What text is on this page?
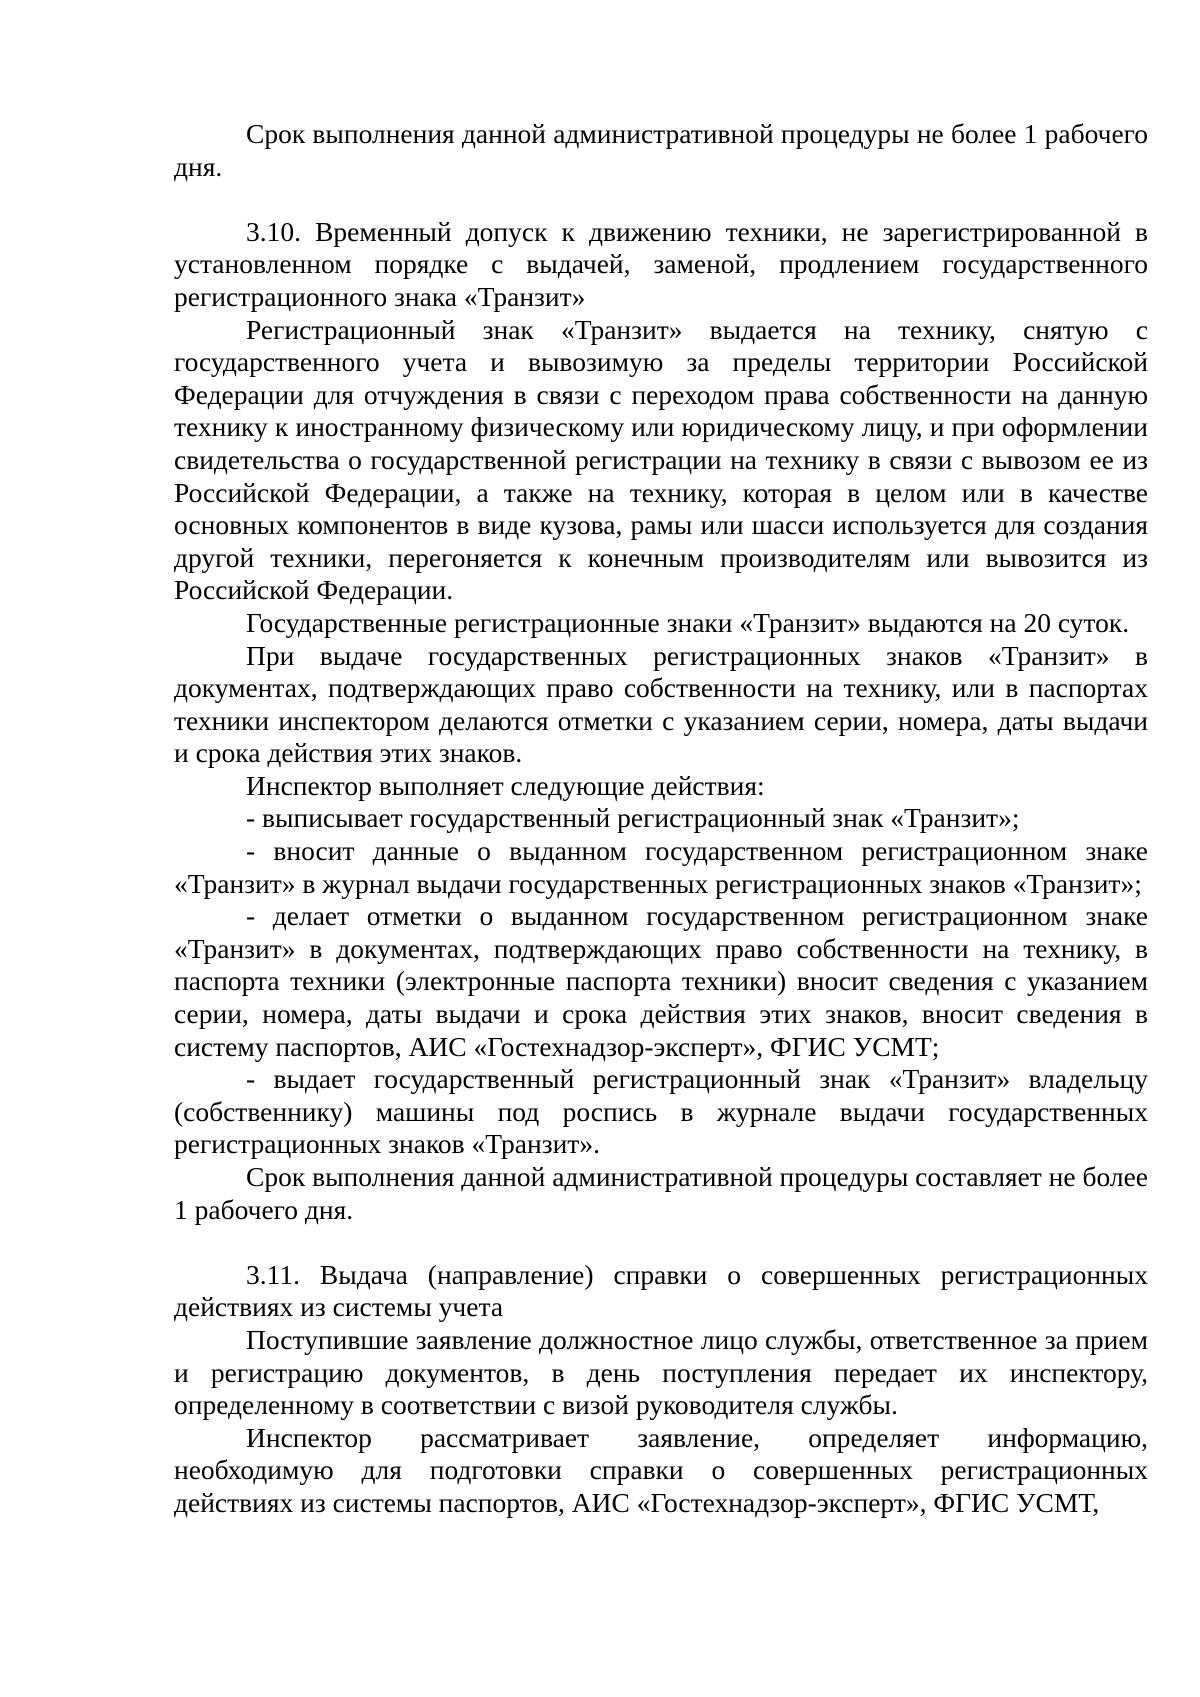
Срок выполнения данной административной процедуры не более 1 рабочего дня.

3.10. Временный допуск к движению техники, не зарегистрированной в установленном порядке с выдачей, заменой, продлением государственного регистрационного знака «Транзит»

Регистрационный знак «Транзит» выдается на технику, снятую с государственного учета и вывозимую за пределы территории Российской Федерации для отчуждения в связи с переходом права собственности на данную технику к иностранному физическому или юридическому лицу, и при оформлении свидетельства о государственной регистрации на технику в связи с вывозом ее из Российской Федерации, а также на технику, которая в целом или в качестве основных компонентов в виде кузова, рамы или шасси используется для создания другой техники, перегоняется к конечным производителям или вывозится из Российской Федерации.

Государственные регистрационные знаки «Транзит» выдаются на 20 суток.

При выдаче государственных регистрационных знаков «Транзит» в документах, подтверждающих право собственности на технику, или в паспортах техники инспектором делаются отметки с указанием серии, номера, даты выдачи и срока действия этих знаков.

Инспектор выполняет следующие действия:

- выписывает государственный регистрационный знак «Транзит»;

- вносит данные о выданном государственном регистрационном знаке «Транзит» в журнал выдачи государственных регистрационных знаков «Транзит»;

- делает отметки о выданном государственном регистрационном знаке «Транзит» в документах, подтверждающих право собственности на технику, в паспорта техники (электронные паспорта техники) вносит сведения с указанием серии, номера, даты выдачи и срока действия этих знаков, вносит сведения в систему паспортов, АИС «Гостехнадзор-эксперт», ФГИС УСМТ;

- выдает государственный регистрационный знак «Транзит» владельцу (собственнику) машины под роспись в журнале выдачи государственных регистрационных знаков «Транзит».

Срок выполнения данной административной процедуры составляет не более 1 рабочего дня.

3.11. Выдача (направление) справки о совершенных регистрационных действиях из системы учета

Поступившие заявление должностное лицо службы, ответственное за прием и регистрацию документов, в день поступления передает их инспектору, определенному в соответствии с визой руководителя службы.

Инспектор рассматривает заявление, определяет информацию, необходимую для подготовки справки о совершенных регистрационных действиях из системы паспортов, АИС «Гостехнадзор-эксперт», ФГИС УСМТ,
